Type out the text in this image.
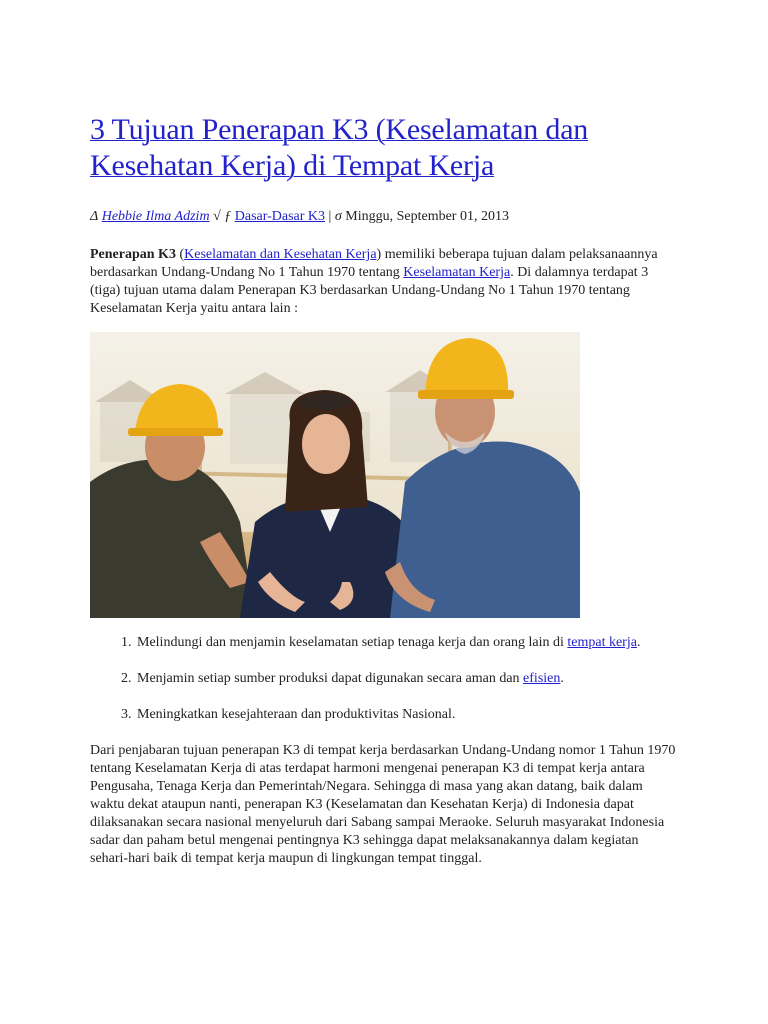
3 Tujuan Penerapan K3 (Keselamatan dan Kesehatan Kerja) di Tempat Kerja
Δ Hebbie Ilma Adzim √ ƒ Dasar-Dasar K3 | σ Minggu, September 01, 2013

Penerapan K3 (Keselamatan dan Kesehatan Kerja) memiliki beberapa tujuan dalam pelaksanaannya berdasarkan Undang-Undang No 1 Tahun 1970 tentang Keselamatan Kerja. Di dalamnya terdapat 3 (tiga) tujuan utama dalam Penerapan K3 berdasarkan Undang-Undang No 1 Tahun 1970 tentang Keselamatan Kerja yaitu antara lain :

1. Melindungi dan menjamin keselamatan setiap tenaga kerja dan orang lain di tempat kerja.
2. Menjamin setiap sumber produksi dapat digunakan secara aman dan efisien.
3. Meningkatkan kesejahteraan dan produktivitas Nasional.

Dari penjabaran tujuan penerapan K3 di tempat kerja berdasarkan Undang-Undang nomor 1 Tahun 1970 tentang Keselamatan Kerja di atas terdapat harmoni mengenai penerapan K3 di tempat kerja antara Pengusaha, Tenaga Kerja dan Pemerintah/Negara. Sehingga di masa yang akan datang, baik dalam waktu dekat ataupun nanti, penerapan K3 (Keselamatan dan Kesehatan Kerja) di Indonesia dapat dilaksanakan secara nasional menyeluruh dari Sabang sampai Meraoke. Seluruh masyarakat Indonesia sadar dan paham betul mengenai pentingnya K3 sehingga dapat melaksanakannya dalam kegiatan sehari-hari baik di tempat kerja maupun di lingkungan tempat tinggal.
